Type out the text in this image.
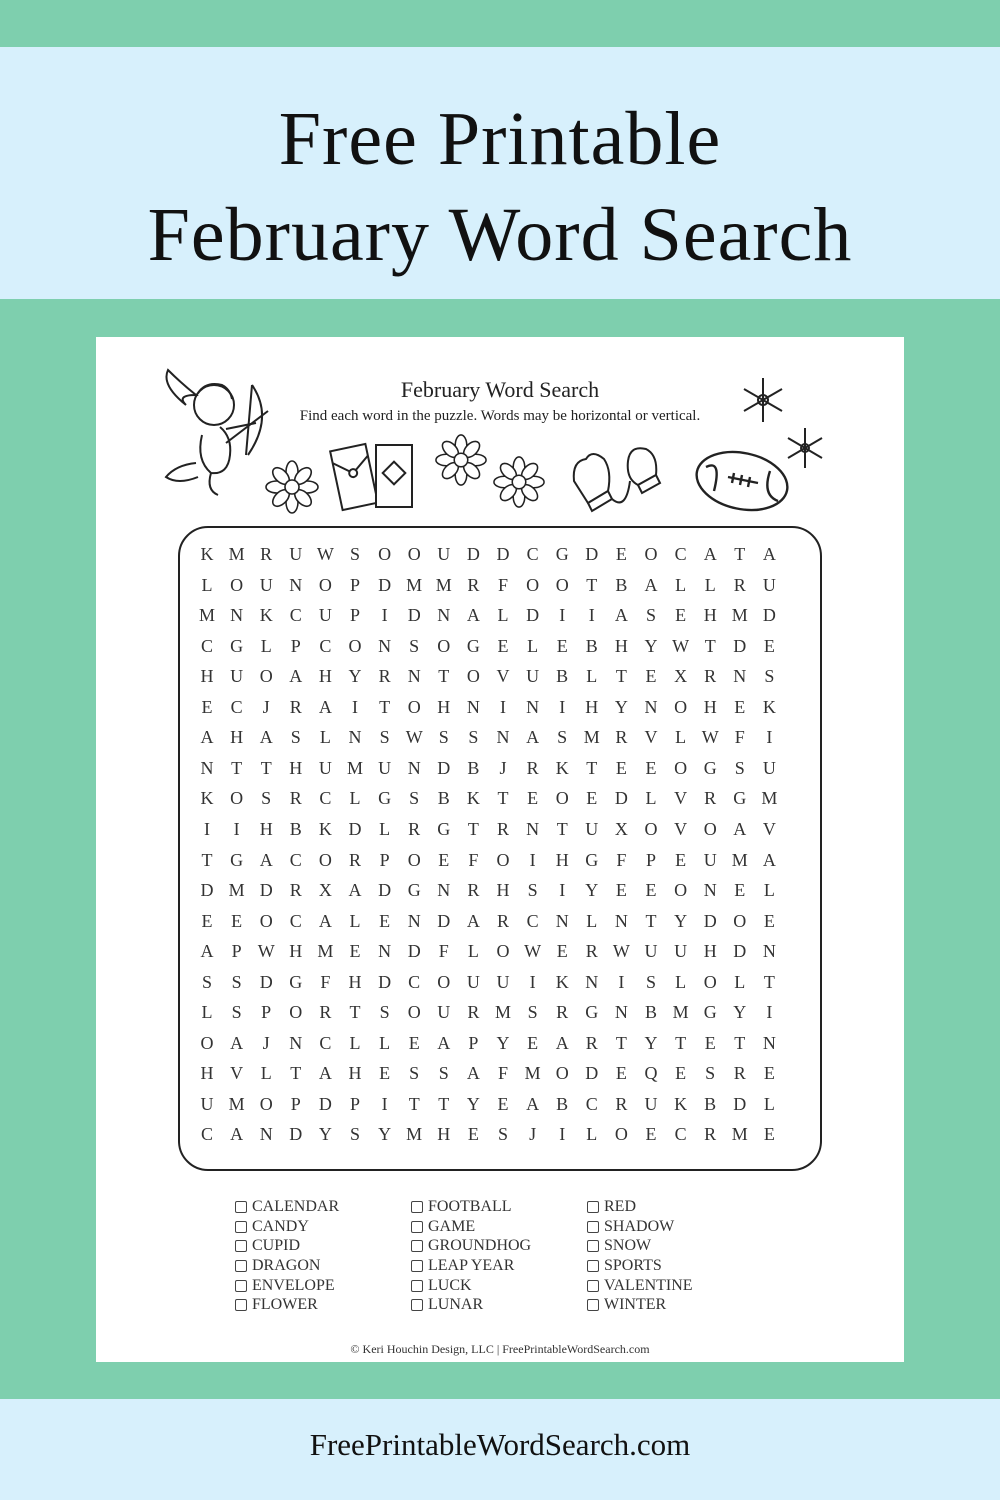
Free Printable
February Word Search
February Word Search
Find each word in the puzzle. Words may be horizontal or vertical.
K M R U W S	O O U D D C G D E O C A T A
L O U N O	P	D M M R	F	O O T	B A L	L	R U
M N K C U	P	I	D N A L D	I	I	A	S	E H M D
C G L	P	C O N	S	O G E	L	E	B H Y W T D E
H U O A H Y R N T O V U B	L	T	E X R N	S
E	C	J	R A	I	T O H N	I	N	I	H Y N O H E K
A H A	S	L N	S W S	S	N A	S M R V L W F	I
N T	T H U M U N D B	J	R K T	E	E O G	S	U
K O	S	R C	L G	S	B K T	E O E D L V R G M
I	I	H B K D L	R G T	R N T U X O V O A V
T G A C O R	P	O E	F	O	I	H G	F	P	E U M A
D M D R X A D G N R H	S	I	Y E	E O N E	L
E	E O C A L	E N D A R C N L N T Y D O E
A	P W H M E N D	F	L O W E	R W U U H D N
S	S	D G	F	H D C O U U	I	K N	I	S	L O L	T
L	S	P	O R	T	S	O U R M S	R G N B M G Y	I
O A	J	N C	L	L	E A	P	Y E A R	T Y T	E	T N
H V L	T A H E	S	S	A	F M O D E Q E	S	R	E
U M O	P	D	P	I	T	T Y E A B C R U K B D L
C A N D Y	S	Y M H E	S	J	I	L O E	C R M E
CALENDAR
CANDY
CUPID
DRAGON
ENVELOPE
FLOWER
FOOTBALL
GAME
GROUNDHOG
LEAP YEAR
LUCK
LUNAR
RED
SHADOW
SNOW
SPORTS
VALENTINE
WINTER
© Keri Houchin Design, LLC | FreePrintableWordSearch.com
FreePrintableWordSearch.com
